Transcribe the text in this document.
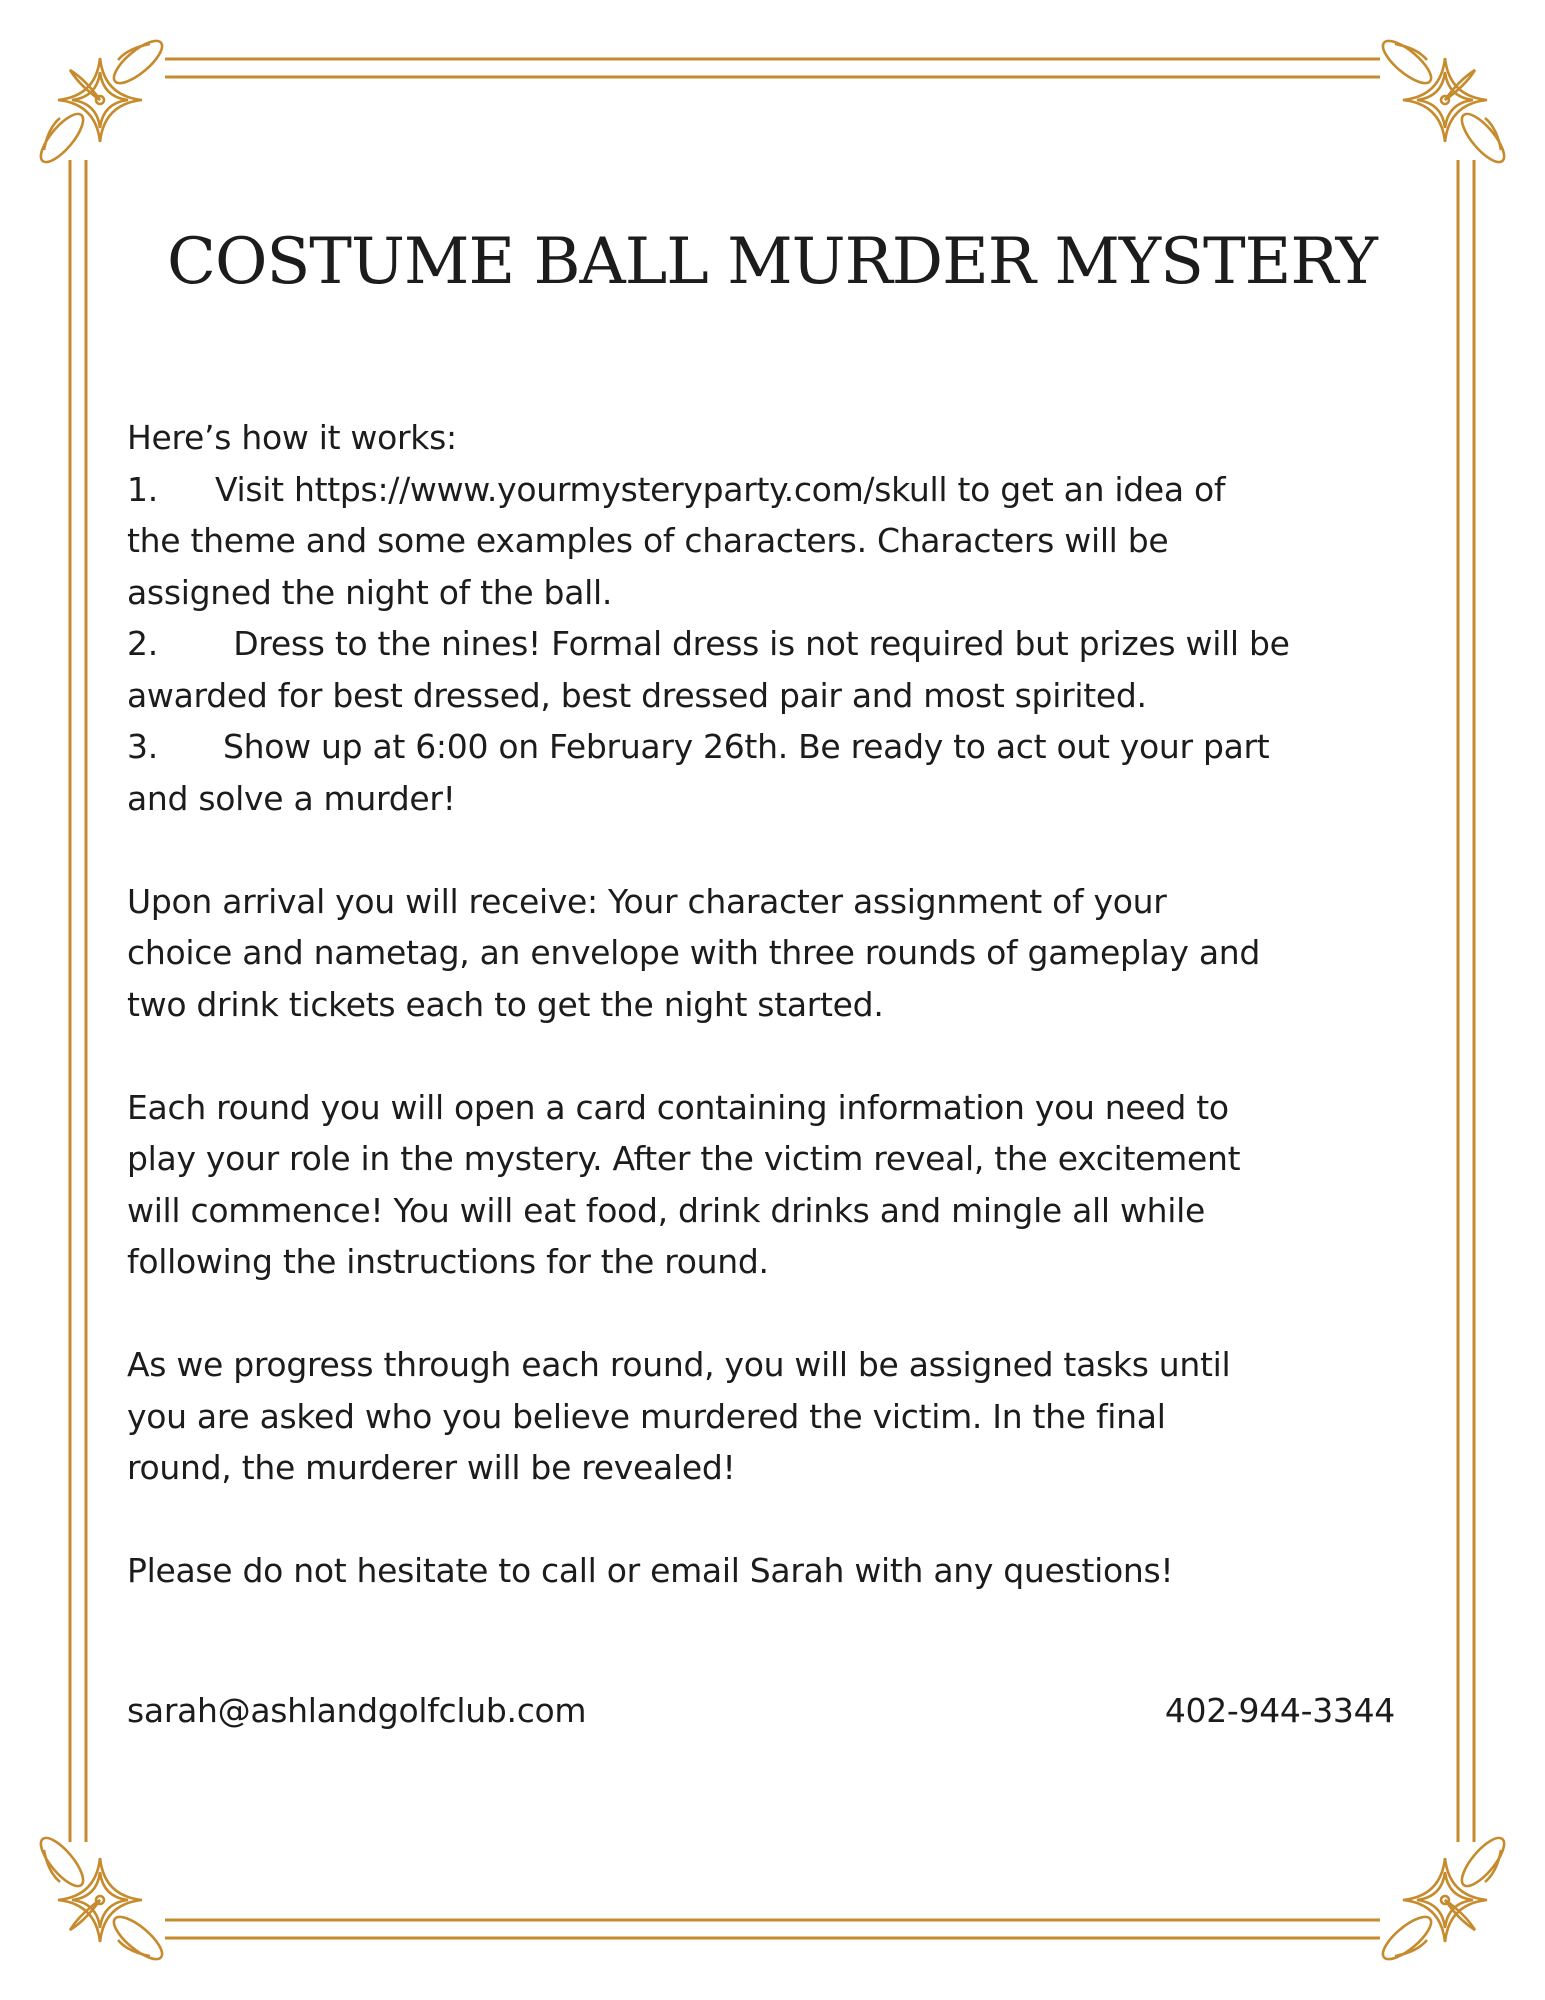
COSTUME BALL MURDER MYSTERY

Here’s how it works:

1. Visit https://www.yourmysteryparty.com/skull to get an idea of

the theme and some examples of characters. Characters will be

assigned the night of the ball.

2. Dress to the nines! Formal dress is not required but prizes will be

awarded for best dressed, best dressed pair and most spirited.

3. Show up at 6:00 on February 26th. Be ready to act out your part

and solve a murder!

Upon arrival you will receive: Your character assignment of your

choice and nametag, an envelope with three rounds of gameplay and

two drink tickets each to get the night started.

Each round you will open a card containing information you need to

play your role in the mystery. After the victim reveal, the excitement

will commence! You will eat food, drink drinks and mingle all while

following the instructions for the round.

As we progress through each round, you will be assigned tasks until

you are asked who you believe murdered the victim. In the final

round, the murderer will be revealed!

Please do not hesitate to call or email Sarah with any questions!

sarah@ashlandgolfclub.com	402-944-3344
